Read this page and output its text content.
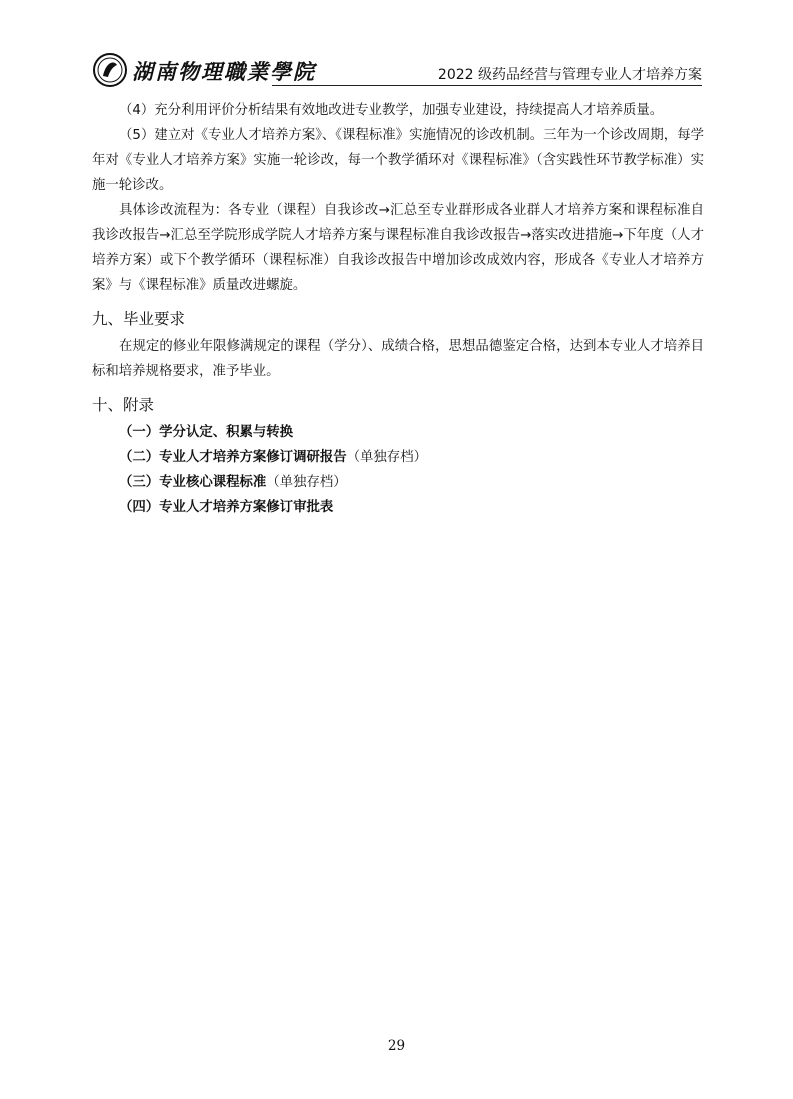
湖南物理職業學院	2022 级药品经营与管理专业人才培养方案

（4）充分利用评价分析结果有效地改进专业教学，加强专业建设，持续提高人才培养质量。

（5）建立对《专业人才培养方案》、《课程标准》实施情况的诊改机制。三年为一个诊改周期，每学年对《专业人才培养方案》实施一轮诊改，每一个教学循环对《课程标准》（含实践性环节教学标准）实施一轮诊改。

具体诊改流程为：各专业（课程）自我诊改→汇总至专业群形成各业群人才培养方案和课程标准自我诊改报告→汇总至学院形成学院人才培养方案与课程标准自我诊改报告→落实改进措施→下年度（人才培养方案）或下个教学循环（课程标准）自我诊改报告中增加诊改成效内容，形成各《专业人才培养方案》与《课程标准》质量改进螺旋。

九、毕业要求

在规定的修业年限修满规定的课程（学分）、成绩合格，思想品德鉴定合格，达到本专业人才培养目标和培养规格要求，准予毕业。

十、附录
（一）学分认定、积累与转换
（二）专业人才培养方案修订调研报告（单独存档）
（三）专业核心课程标准（单独存档）
（四）专业人才培养方案修订审批表
29
